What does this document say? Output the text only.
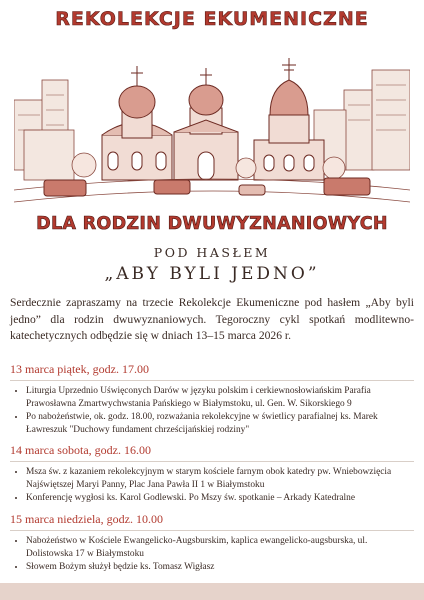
REKOLEKCJE EKUMENICZNE
DLA RODZIN DWUWYZNANIOWYCH
POD HASŁEM
„ABY BYLI JEDNO”
Serdecznie zapraszamy na trzecie Rekolekcje Ekumeniczne pod hasłem „Aby byli jedno” dla rodzin dwuwyznaniowych. Tegoroczny cykl spotkań modlitewno-katechetycznych odbędzie się w dniach 13–15 marca 2026 r.
13 marca piątek, godz. 17.00
• Liturgia Uprzednio Uświęconych Darów w języku polskim i cerkiewnosłowiańskim Parafia Prawosławna Zmartwychwstania Pańskiego w Białymstoku, ul. Gen. W. Sikorskiego 9
• Po nabożeństwie, ok. godz. 18.00, rozważania rekolekcyjne w świetlicy parafialnej ks. Marek Ławreszuk "Duchowy fundament chrześcijańskiej rodziny"
14 marca sobota, godz. 16.00
• Msza św. z kazaniem rekolekcyjnym w starym kościele farnym obok katedry pw. Wniebowzięcia Najświętszej Maryi Panny, Plac Jana Pawła II 1 w Białymstoku
• Konferencję wygłosi ks. Karol Godlewski. Po Mszy św. spotkanie – Arkady Katedralne
15 marca niedziela, godz. 10.00
• Nabożeństwo w Kościele Ewangelicko-Augsburskim, kaplica ewangelicko-augsburska, ul. Dolistowska 17 w Białymstoku
• Słowem Bożym służył będzie ks. Tomasz Wigłasz
